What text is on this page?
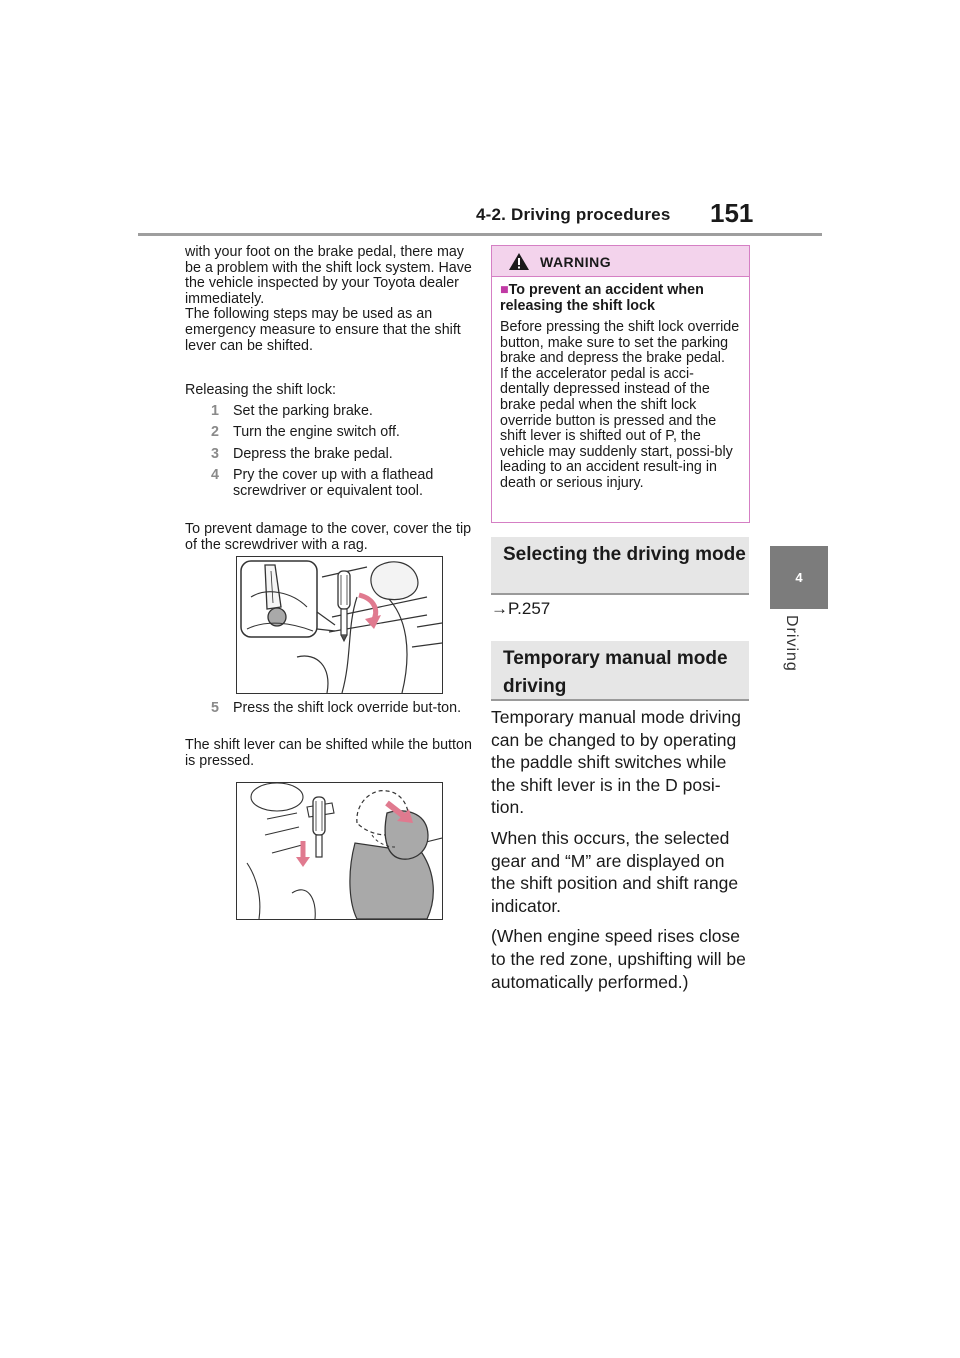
4-2. Driving procedures 151
4
Driving

with your foot on the brake pedal, there may be a problem with the shift lock system. Have the vehicle inspected by your Toyota dealer immediately.
The following steps may be used as an emergency measure to ensure that the shift lever can be shifted.

Releasing the shift lock:
1 Set the parking brake.
2 Turn the engine switch off.
3 Depress the brake pedal.
4 Pry the cover up with a flathead screwdriver or equivalent tool.
To prevent damage to the cover, cover the tip of the screwdriver with a rag.
5 Press the shift lock override but-ton.
The shift lever can be shifted while the button is pressed.
WARNING
■To prevent an accident when releasing the shift lock
Before pressing the shift lock override button, make sure to set the parking brake and depress the brake pedal.
If the accelerator pedal is acci-dentally depressed instead of the brake pedal when the shift lock override button is pressed and the shift lever is shifted out of P, the vehicle may suddenly start, possi-bly leading to an accident result-ing in death or serious injury.
Selecting the driving mode
→P.257
Temporary manual mode driving

Temporary manual mode driving can be changed to by operating the paddle shift switches while the shift lever is in the D posi-tion.

When this occurs, the selected gear and “M” are displayed on the shift position and shift range indicator.

(When engine speed rises close to the red zone, upshifting will be automatically performed.)
